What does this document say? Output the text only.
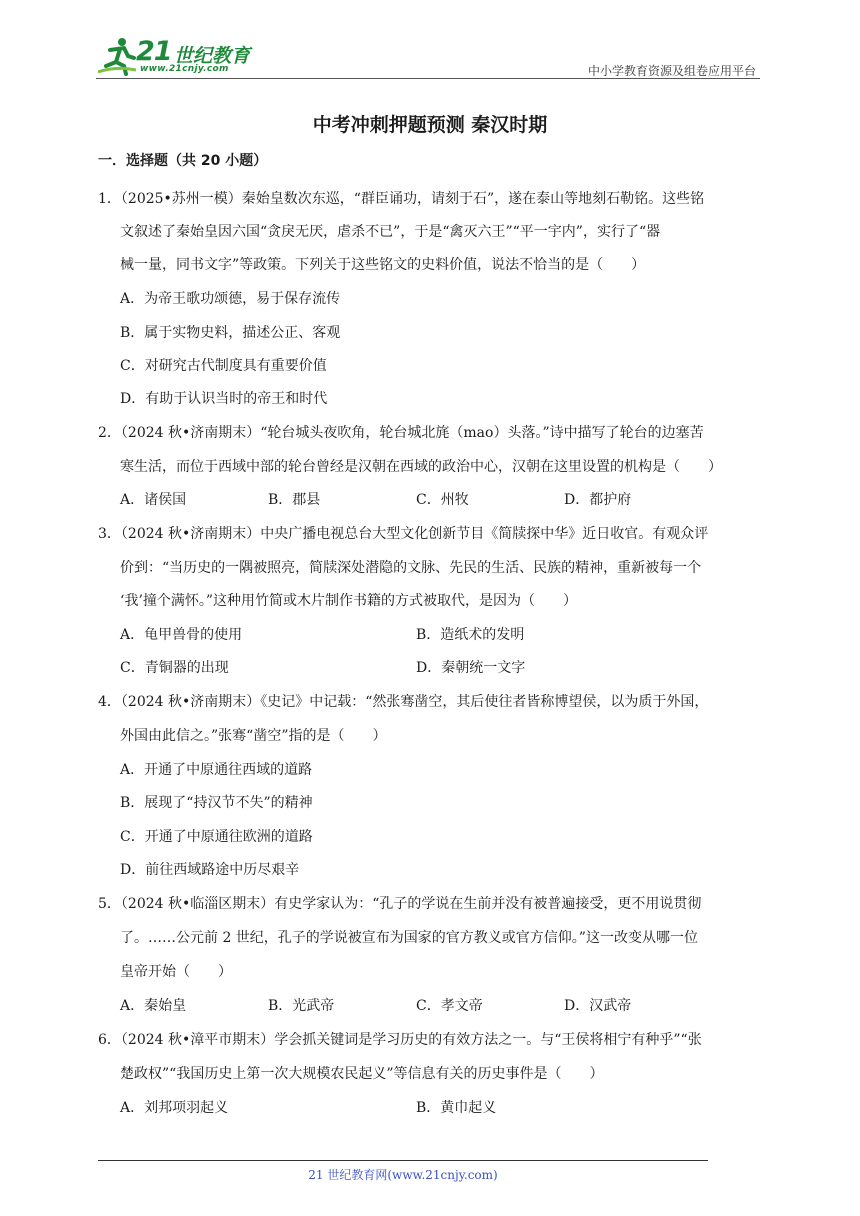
21 世纪教育
www.21cnjy.com	中小学教育资源及组卷应用平台
中考冲刺押题预测 秦汉时期
一．选择题（共 20 小题）
1．（2025•苏州一模）秦始皇数次东巡，“群臣诵功，请刻于石”，遂在泰山等地刻石勒铭。这些铭
文叙述了秦始皇因六国“贪戾无厌，虐杀不已”，于是“禽灭六王”“平一宇内”，实行了“器
械一量，同书文字”等政策。下列关于这些铭文的史料价值，说法不恰当的是（　　）
A．为帝王歌功颂德，易于保存流传
B．属于实物史料，描述公正、客观
C．对研究古代制度具有重要价值
D．有助于认识当时的帝王和时代
2．（2024 秋•济南期末）“轮台城头夜吹角，轮台城北旄（mao）头落。”诗中描写了轮台的边塞苦
寒生活，而位于西域中部的轮台曾经是汉朝在西域的政治中心，汉朝在这里设置的机构是（　　）
A．诸侯国	B．郡县	C．州牧	D．都护府
3．（2024 秋•济南期末）中央广播电视总台大型文化创新节目《简牍探中华》近日收官。有观众评
价到：“当历史的一隅被照亮，简牍深处潜隐的文脉、先民的生活、民族的精神，重新被每一个
‘我’撞个满怀。”这种用竹简或木片制作书籍的方式被取代，是因为（　　）
A．龟甲兽骨的使用	B．造纸术的发明
C．青铜器的出现	D．秦朝统一文字
4．（2024 秋•济南期末）《史记》中记载：“然张骞凿空，其后使往者皆称博望侯，以为质于外国，
外国由此信之。”张骞“凿空”指的是（　　）
A．开通了中原通往西域的道路
B．展现了“持汉节不失”的精神
C．开通了中原通往欧洲的道路
D．前往西域路途中历尽艰辛
5．（2024 秋•临淄区期末）有史学家认为：“孔子的学说在生前并没有被普遍接受，更不用说贯彻
了。……公元前 2 世纪，孔子的学说被宣布为国家的官方教义或官方信仰。”这一改变从哪一位
皇帝开始（　　）
A．秦始皇	B．光武帝	C．孝文帝	D．汉武帝
6．（2024 秋•漳平市期末）学会抓关键词是学习历史的有效方法之一。与“王侯将相宁有种乎”“张
楚政权”“我国历史上第一次大规模农民起义”等信息有关的历史事件是（　　）
A．刘邦项羽起义	B．黄巾起义
21 世纪教育网(www.21cnjy.com)
